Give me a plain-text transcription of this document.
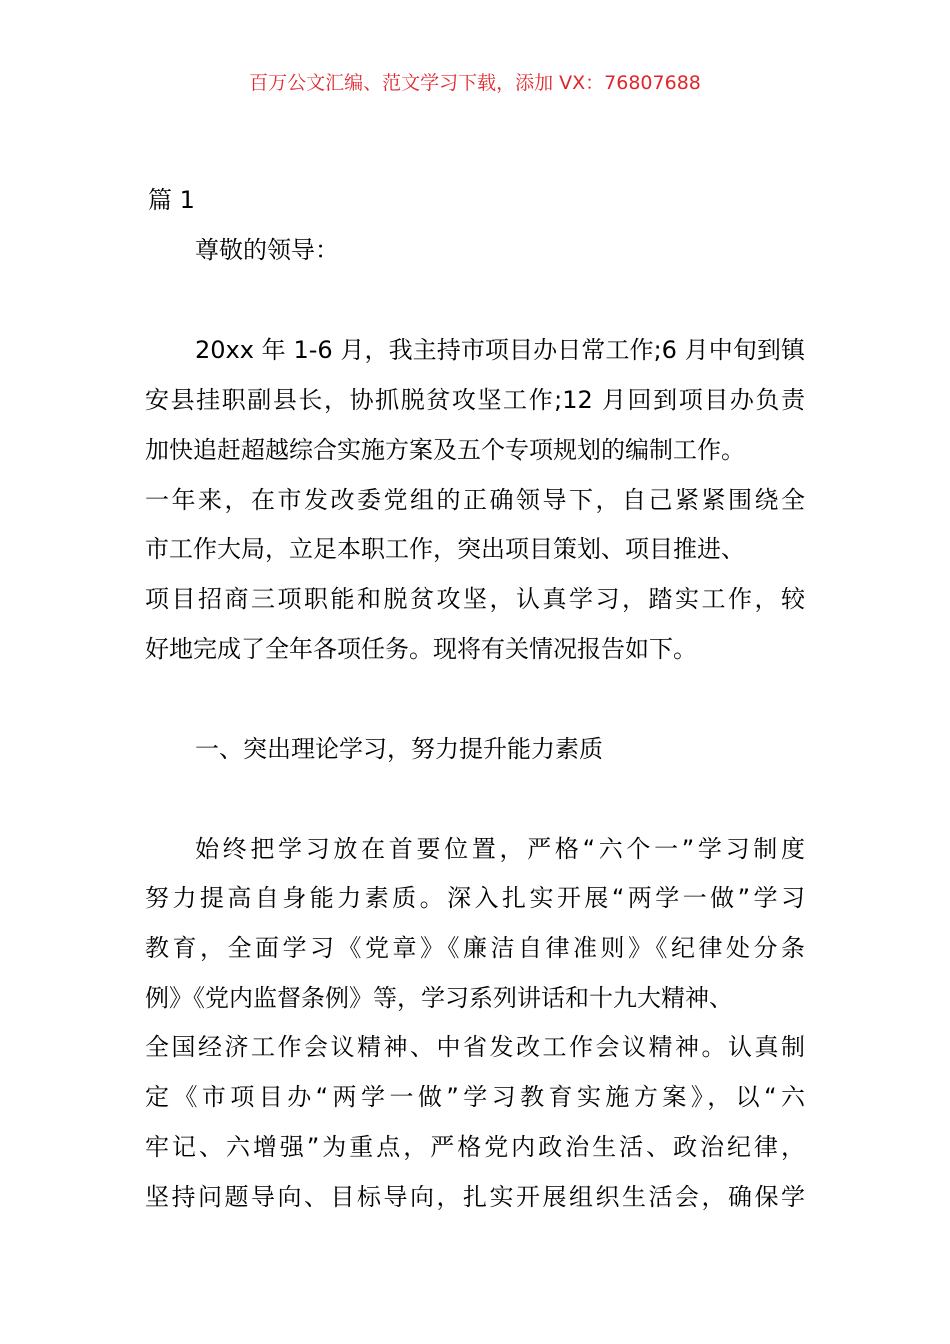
百万公文汇编、范文学习下载，添加 VX：76807688
篇 1
尊敬的领导：
20xx 年 1-6 月，我主持市项目办日常工作;6 月中旬到镇
安县挂职副县长，协抓脱贫攻坚工作;12 月回到项目办负责
加快追赶超越综合实施方案及五个专项规划的编制工作。
一年来，在市发改委党组的正确领导下，自己紧紧围绕全
市工作大局，立足本职工作，突出项目策划、项目推进、
项目招商三项职能和脱贫攻坚，认真学习，踏实工作，较
好地完成了全年各项任务。现将有关情况报告如下。
一、突出理论学习，努力提升能力素质
始终把学习放在首要位置，严格“六个一”学习制度
努力提高自身能力素质。深入扎实开展“两学一做”学习
教育，全面学习《党章》《廉洁自律准则》《纪律处分条
例》《党内监督条例》等，学习系列讲话和十九大精神、
全国经济工作会议精神、中省发改工作会议精神。认真制
定《市项目办“两学一做”学习教育实施方案》，以“六
牢记、六增强”为重点，严格党内政治生活、政治纪律，
坚持问题导向、目标导向，扎实开展组织生活会，确保学
